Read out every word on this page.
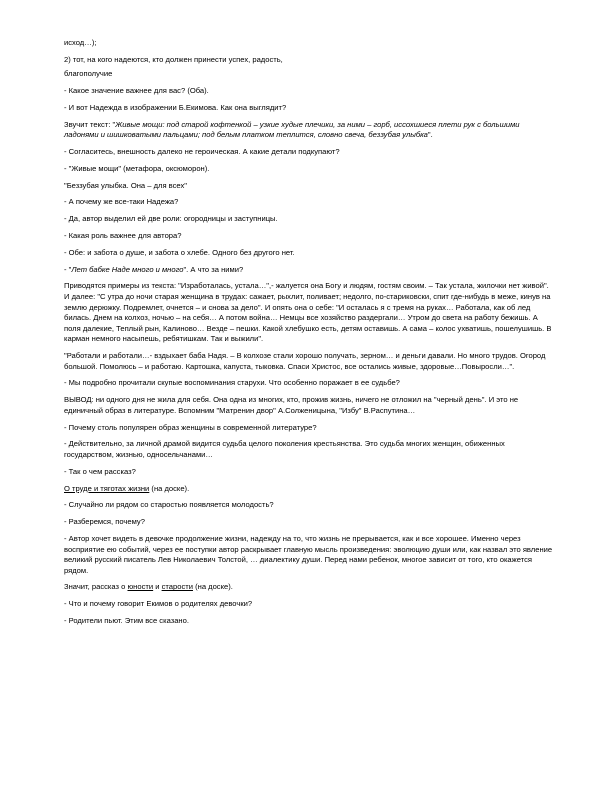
исход…);

2) тот, на кого надеются, кто должен принести успех, радость,

благополучие

- Какое значение важнее для вас? (Оба).

- И вот Надежда в изображении Б.Екимова. Как она выглядит?

Звучит текст: "Живые мощи: под старой кофтенкой – узкие худые плечики, за ними – горб, иссохшиеся плети рук с большими ладонями и шишковатыми пальцами; под белым платком теплится, словно свеча, беззубая улыбка".

- Согласитесь, внешность далеко не героическая. А какие детали подкупают?

- "Живые мощи" (метафора, оксюморон).

"Беззубая улыбка. Она – для всех"

- А почему же все-таки Надежа?

- Да, автор выделил ей две роли: огородницы и заступницы.

- Какая роль важнее для автора?

- Обе: и забота о душе, и забота о хлебе. Одного без другого нет.

- "Лет бабке Наде много и много". А что за ними?

Приводятся примеры из текста: "Изработалась, устала…",- жалуется она Богу и людям, гостям своим. – Так устала, жилочки нет живой". И далее: "С утра до ночи старая женщина в трудах: сажает, рыхлит, поливает; недолго, по-стариковски, спит где-нибудь в меже, кинув на землю дерюжку. Подремлет, очнется – и снова за дело". И опять она о себе: "И осталась я с тремя на руках… Работала, как об лед билась. Днем на колхоз, ночью – на себя… А потом война… Немцы все хозяйство раздергали… Утром до света на работу бежишь. А поля далекие, Теплый рын, Калиново… Везде – пешки. Какой хлебушко есть, детям оставишь. А сама – колос ухватишь, пошелушишь. В карман немного насыпешь, ребятишкам. Так и выжили".

"Работали и работали…- вздыхает баба Надя. – В колхозе стали хорошо получать, зерном… и деньги давали. Но много трудов. Огород большой. Помолюсь – и работаю. Картошка, капуста, тыковка. Спаси Христос, все остались живые, здоровые…Повыросли…".

- Мы подробно прочитали скупые воспоминания старухи. Что особенно поражает в ее судьбе?

ВЫВОД: ни одного дня не жила для себя. Она одна из многих, кто, прожив жизнь, ничего не отложил на "черный день". И это не единичный образ в литературе. Вспомним "Матренин двор" А.Солженицына, "Избу" В.Распутина…

- Почему столь популярен образ женщины в современной литературе?

- Действительно, за личной драмой видится судьба целого поколения крестьянства. Это судьба многих женщин, обиженных государством, жизнью, односельчанами…

- Так о чем рассказ?

О труде и тяготах жизни (на доске).

- Случайно ли рядом со старостью появляется молодость?

- Разберемся, почему?

- Автор хочет видеть в девочке продолжение жизни, надежду на то, что жизнь не прерывается, как и все хорошее. Именно через восприятие ею событий, через ее поступки автор раскрывает главную мысль произведения: эволюцию души или, как назвал это явление великий русский писатель Лев Николаевич Толстой, … диалектику души. Перед нами ребенок, многое зависит от того, кто окажется рядом.

Значит, рассказ о юности и старости (на доске).

- Что и почему говорит Екимов о родителях девочки?

- Родители пьют. Этим все сказано.
